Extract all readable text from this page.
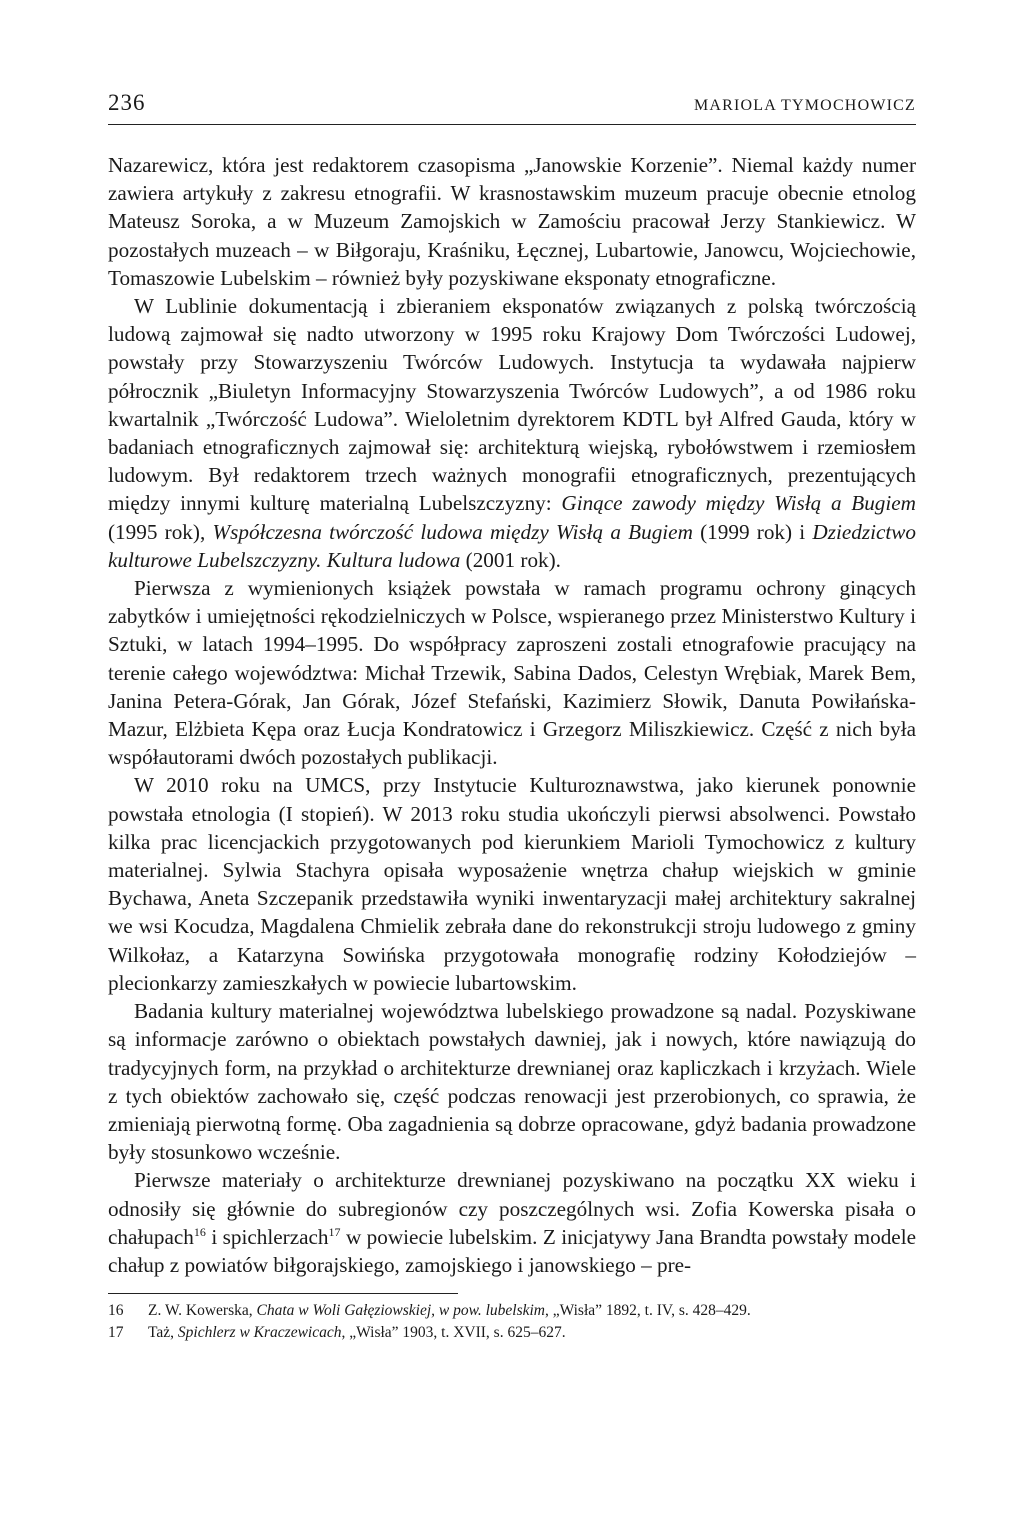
236	MARIOLA TYMOCHOWICZ

Nazarewicz, która jest redaktorem czasopisma „Janowskie Korzenie”. Niemal każdy numer zawiera artykuły z zakresu etnografii. W krasnostawskim muzeum pracuje obecnie etnolog Mateusz Soroka, a w Muzeum Zamojskich w Zamościu pracował Jerzy Stankiewicz. W pozostałych muzeach – w Biłgoraju, Kraśniku, Łęcznej, Lubartowie, Janowcu, Wojciechowie, Tomaszowie Lubelskim – również były pozyskiwane eksponaty etnograficzne.

W Lublinie dokumentacją i zbieraniem eksponatów związanych z polską twórczością ludową zajmował się nadto utworzony w 1995 roku Krajowy Dom Twórczości Ludowej, powstały przy Stowarzyszeniu Twórców Ludowych. Instytucja ta wydawała najpierw półrocznik „Biuletyn Informacyjny Stowarzyszenia Twórców Ludowych”, a od 1986 roku kwartalnik „Twórczość Ludowa”. Wieloletnim dyrektorem KDTL był Alfred Gauda, który w badaniach etnograficznych zajmował się: architekturą wiejską, rybołówstwem i rzemiosłem ludowym. Był redaktorem trzech ważnych monografii etnograficznych, prezentujących między innymi kulturę materialną Lubelszczyzny: Ginące zawody między Wisłą a Bugiem (1995 rok), Współczesna twórczość ludowa między Wisłą a Bugiem (1999 rok) i Dziedzictwo kulturowe Lubelszczyzny. Kultura ludowa (2001 rok).

Pierwsza z wymienionych książek powstała w ramach programu ochrony ginących zabytków i umiejętności rękodzielniczych w Polsce, wspieranego przez Ministerstwo Kultury i Sztuki, w latach 1994–1995. Do współpracy zaproszeni zostali etnografowie pracujący na terenie całego województwa: Michał Trzewik, Sabina Dados, Celestyn Wrębiak, Marek Bem, Janina Petera-Górak, Jan Górak, Józef Stefański, Kazimierz Słowik, Danuta Powiłańska-Mazur, Elżbieta Kępa oraz Łucja Kondratowicz i Grzegorz Miliszkiewicz. Część z nich była współautorami dwóch pozostałych publikacji.

W 2010 roku na UMCS, przy Instytucie Kulturoznawstwa, jako kierunek ponownie powstała etnologia (I stopień). W 2013 roku studia ukończyli pierwsi absolwenci. Powstało kilka prac licencjackich przygotowanych pod kierunkiem Marioli Tymochowicz z kultury materialnej. Sylwia Stachyra opisała wyposażenie wnętrza chałup wiejskich w gminie Bychawa, Aneta Szczepanik przedstawiła wyniki inwentaryzacji małej architektury sakralnej we wsi Kocudza, Magdalena Chmielik zebrała dane do rekonstrukcji stroju ludowego z gminy Wilkołaz, a Katarzyna Sowińska przygotowała monografię rodziny Kołodziejów – plecionkarzy zamieszkałych w powiecie lubartowskim.

Badania kultury materialnej województwa lubelskiego prowadzone są nadal. Pozyskiwane są informacje zarówno o obiektach powstałych dawniej, jak i nowych, które nawiązują do tradycyjnych form, na przykład o architekturze drewnianej oraz kapliczkach i krzyżach. Wiele z tych obiektów zachowało się, część podczas renowacji jest przerobionych, co sprawia, że zmieniają pierwotną formę. Oba zagadnienia są dobrze opracowane, gdyż badania prowadzone były stosunkowo wcześnie.

Pierwsze materiały o architekturze drewnianej pozyskiwano na początku XX wieku i odnosiły się głównie do subregionów czy poszczególnych wsi. Zofia Kowerska pisała o chałupach$^{16}$ i spichlerzach$^{17}$ w powiecie lubelskim. Z inicjatywy Jana Brandta powstały modele chałup z powiatów biłgorajskiego, zamojskiego i janowskiego – pre-

16	Z. W. Kowerska, Chata w Woli Gałęziowskiej, w pow. lubelskim, „Wisła” 1892, t. IV, s. 428–429.
17	Taż, Spichlerz w Kraczewicach, „Wisła” 1903, t. XVII, s. 625–627.
